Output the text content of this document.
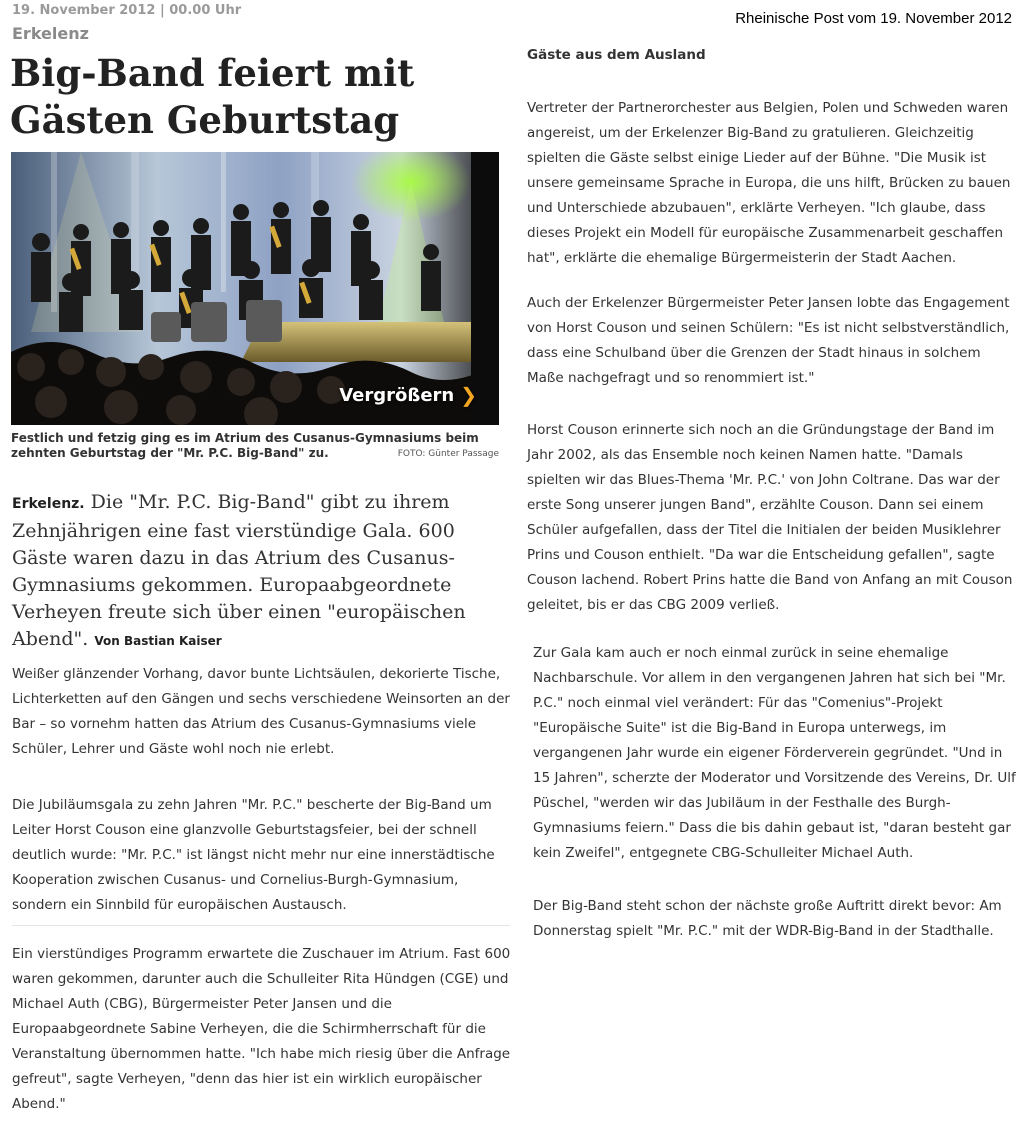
19. November 2012 | 00.00 Uhr	Rheinische Post vom 19. November 2012
Erkelenz
Big-Band feiert mit Gästen Geburtstag
Vergrößern ❯
Festlich und fetzig ging es im Atrium des Cusanus-Gymnasiums beim zehnten Geburtstag der "Mr. P.C. Big-Band" zu.	FOTO: Günter Passage
Erkelenz. Die "Mr. P.C. Big-Band" gibt zu ihrem Zehnjährigen eine fast vierstündige Gala. 600 Gäste waren dazu in das Atrium des Cusanus-Gymnasiums gekommen. Europaabgeordnete Verheyen freute sich über einen "europäischen Abend". Von Bastian Kaiser

Weißer glänzender Vorhang, davor bunte Lichtsäulen, dekorierte Tische, Lichterketten auf den Gängen und sechs verschiedene Weinsorten an der Bar – so vornehm hatten das Atrium des Cusanus-Gymnasiums viele Schüler, Lehrer und Gäste wohl noch nie erlebt.

Die Jubiläumsgala zu zehn Jahren "Mr. P.C." bescherte der Big-Band um Leiter Horst Couson eine glanzvolle Geburtstagsfeier, bei der schnell deutlich wurde: "Mr. P.C." ist längst nicht mehr nur eine innerstädtische Kooperation zwischen Cusanus- und Cornelius-Burgh-Gymnasium, sondern ein Sinnbild für europäischen Austausch.

Ein vierstündiges Programm erwartete die Zuschauer im Atrium. Fast 600 waren gekommen, darunter auch die Schulleiter Rita Hündgen (CGE) und Michael Auth (CBG), Bürgermeister Peter Jansen und die Europaabgeordnete Sabine Verheyen, die die Schirmherrschaft für die Veranstaltung übernommen hatte. "Ich habe mich riesig über die Anfrage gefreut", sagte Verheyen, "denn das hier ist ein wirklich europäischer Abend."

Gäste aus dem Ausland

Vertreter der Partnerorchester aus Belgien, Polen und Schweden waren angereist, um der Erkelenzer Big-Band zu gratulieren. Gleichzeitig spielten die Gäste selbst einige Lieder auf der Bühne. "Die Musik ist unsere gemeinsame Sprache in Europa, die uns hilft, Brücken zu bauen und Unterschiede abzubauen", erklärte Verheyen. "Ich glaube, dass dieses Projekt ein Modell für europäische Zusammenarbeit geschaffen hat", erklärte die ehemalige Bürgermeisterin der Stadt Aachen.

Auch der Erkelenzer Bürgermeister Peter Jansen lobte das Engagement von Horst Couson und seinen Schülern: "Es ist nicht selbstverständlich, dass eine Schulband über die Grenzen der Stadt hinaus in solchem Maße nachgefragt und so renommiert ist."

Horst Couson erinnerte sich noch an die Gründungstage der Band im Jahr 2002, als das Ensemble noch keinen Namen hatte. "Damals spielten wir das Blues-Thema 'Mr. P.C.' von John Coltrane. Das war der erste Song unserer jungen Band", erzählte Couson. Dann sei einem Schüler aufgefallen, dass der Titel die Initialen der beiden Musiklehrer Prins und Couson enthielt. "Da war die Entscheidung gefallen", sagte Couson lachend. Robert Prins hatte die Band von Anfang an mit Couson geleitet, bis er das CBG 2009 verließ.

Zur Gala kam auch er noch einmal zurück in seine ehemalige Nachbarschule. Vor allem in den vergangenen Jahren hat sich bei "Mr. P.C." noch einmal viel verändert: Für das "Comenius"-Projekt "Europäische Suite" ist die Big-Band in Europa unterwegs, im vergangenen Jahr wurde ein eigener Förderverein gegründet. "Und in 15 Jahren", scherzte der Moderator und Vorsitzende des Vereins, Dr. Ulf Püschel, "werden wir das Jubiläum in der Festhalle des Burgh-Gymnasiums feiern." Dass die bis dahin gebaut ist, "daran besteht gar kein Zweifel", entgegnete CBG-Schulleiter Michael Auth.

Der Big-Band steht schon der nächste große Auftritt direkt bevor: Am Donnerstag spielt "Mr. P.C." mit der WDR-Big-Band in der Stadthalle.
